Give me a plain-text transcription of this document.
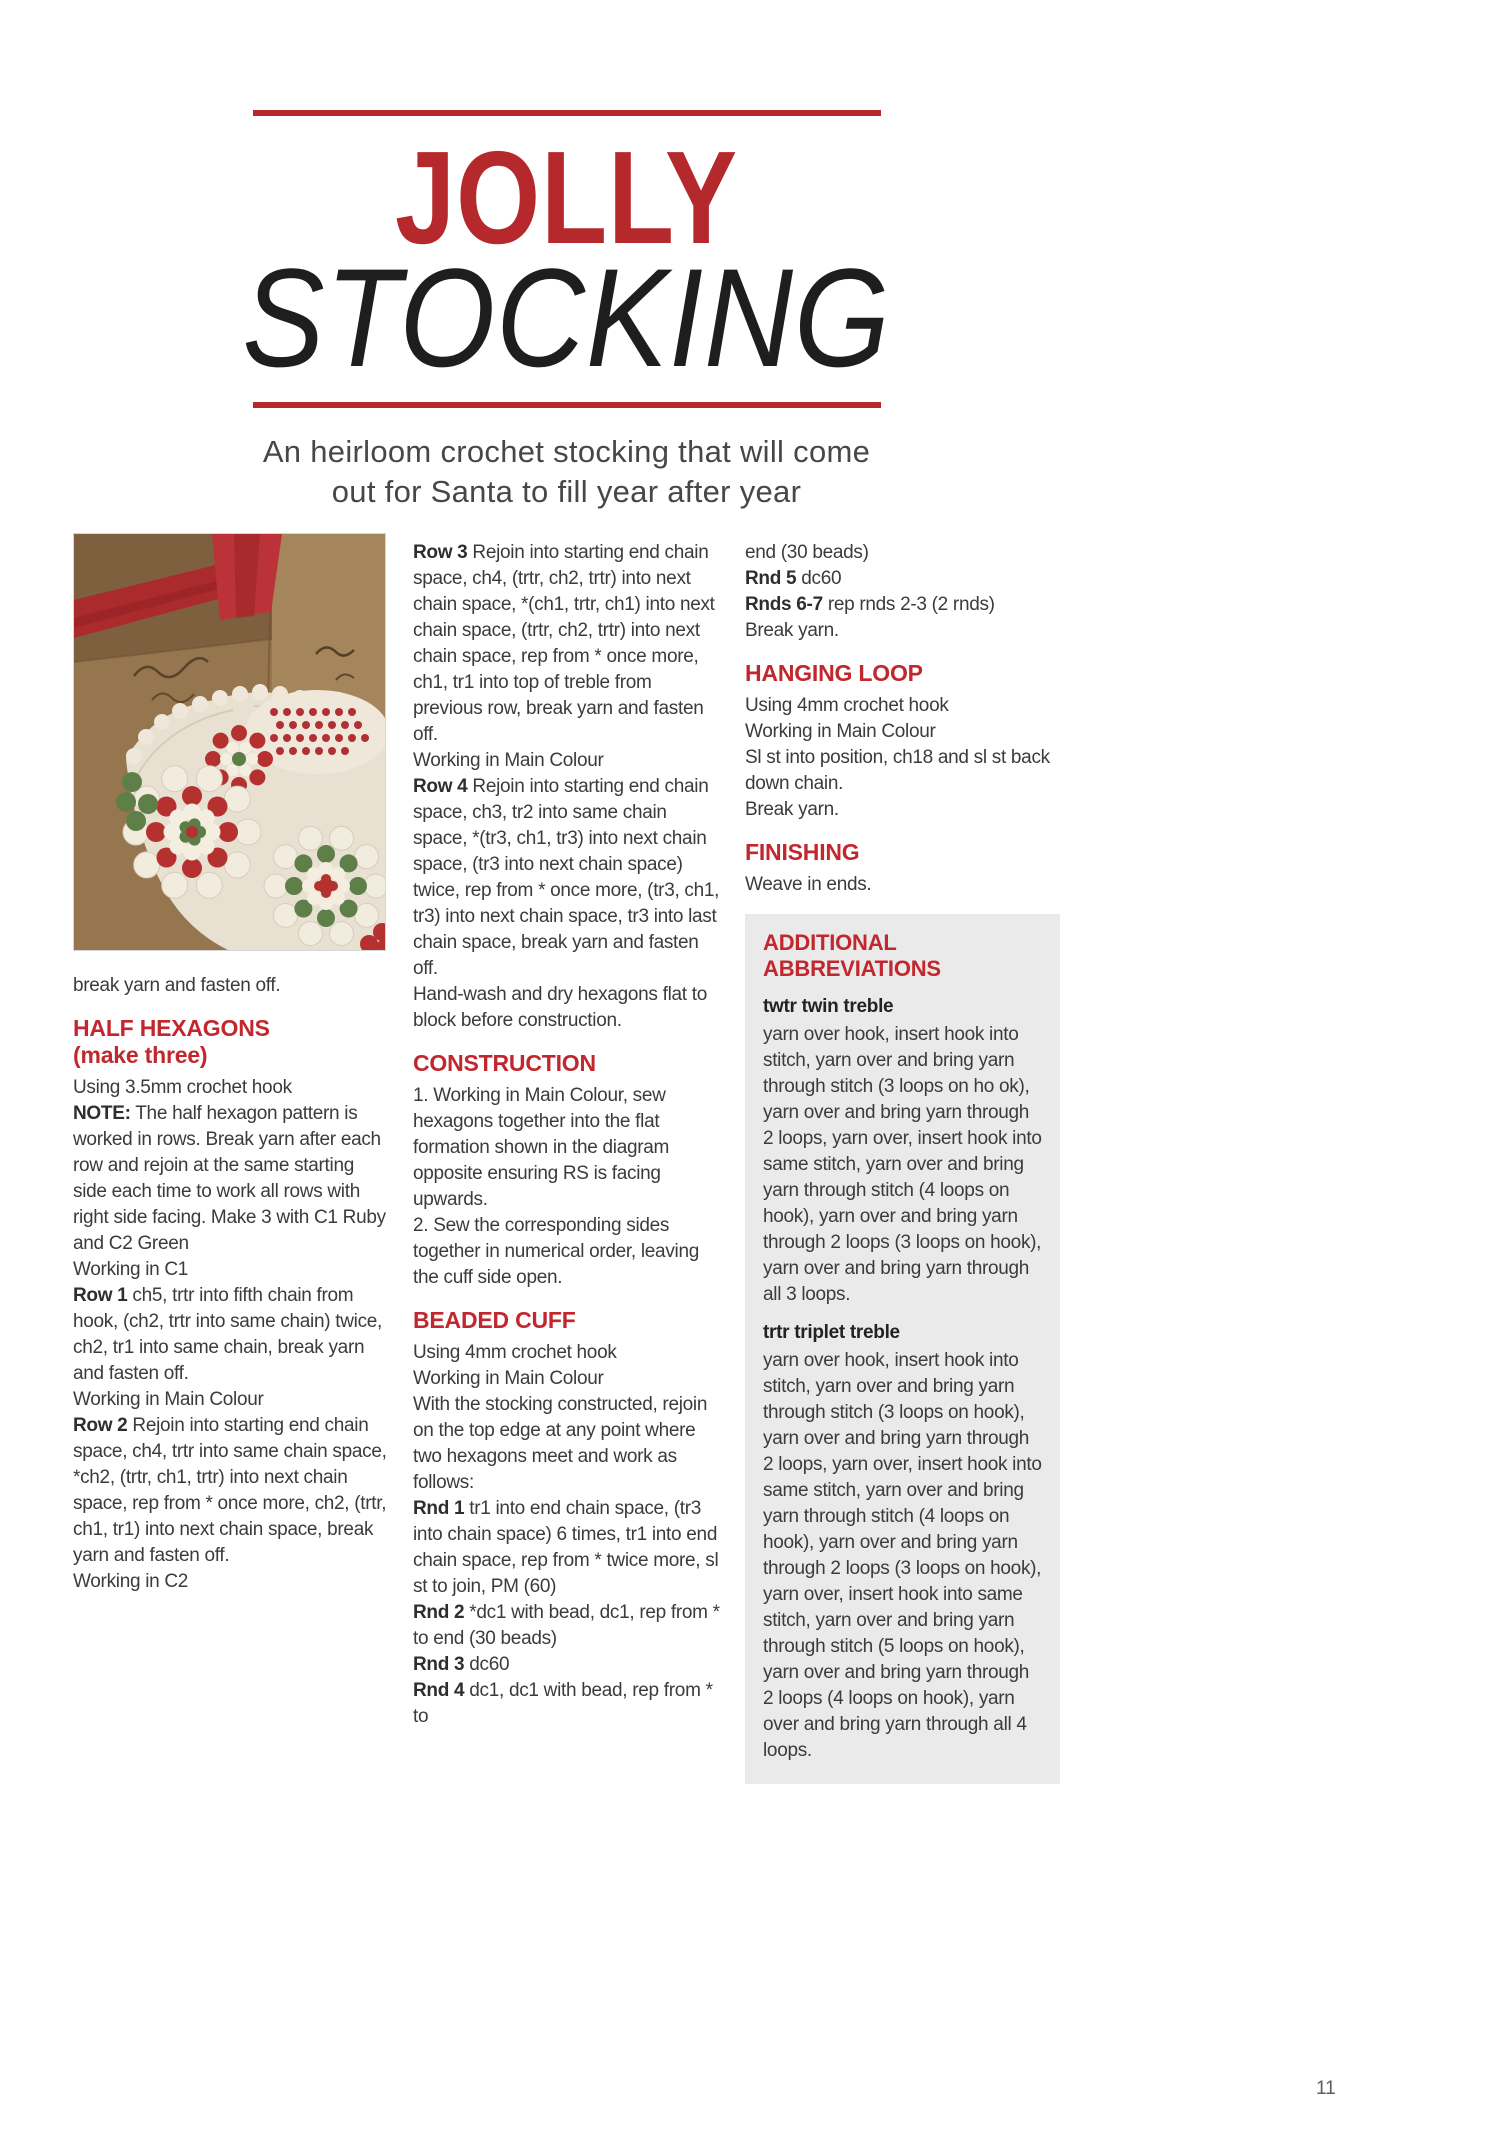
JOLLY
STOCKING
An heirloom crochet stocking that will come
out for Santa to fill year after year

break yarn and fasten off.

HALF HEXAGONS
(make three)

Using 3.5mm crochet hook

NOTE: The half hexagon pattern is worked in rows. Break yarn after each row and rejoin at the same starting side each time to work all rows with right side facing. Make 3 with C1 Ruby and C2 Green

Working in C1

Row 1 ch5, trtr into fifth chain from hook, (ch2, trtr into same chain) twice, ch2, tr1 into same chain, break yarn and fasten off.

Working in Main Colour

Row 2 Rejoin into starting end chain space, ch4, trtr into same chain space, *ch2, (trtr, ch1, trtr) into next chain space, rep from * once more, ch2, (trtr, ch1, tr1) into next chain space, break yarn and fasten off.

Working in C2

Row 3 Rejoin into starting end chain space, ch4, (trtr, ch2, trtr) into next chain space, *(ch1, trtr, ch1) into next chain space, (trtr, ch2, trtr) into next chain space, rep from * once more, ch1, tr1 into top of treble from previous row, break yarn and fasten off.

Working in Main Colour

Row 4 Rejoin into starting end chain space, ch3, tr2 into same chain space, *(tr3, ch1, tr3) into next chain space, (tr3 into next chain space) twice, rep from * once more, (tr3, ch1, tr3) into next chain space, tr3 into last chain space, break yarn and fasten off.

Hand-wash and dry hexagons flat to block before construction.

CONSTRUCTION

1. Working in Main Colour, sew hexagons together into the flat formation shown in the diagram opposite ensuring RS is facing upwards.

2. Sew the corresponding sides together in numerical order, leaving the cuff side open.

BEADED CUFF

Using 4mm crochet hook

Working in Main Colour

With the stocking constructed, rejoin on the top edge at any point where two hexagons meet and work as follows:

Rnd 1 tr1 into end chain space, (tr3 into chain space) 6 times, tr1 into end chain space, rep from * twice more, sl st to join, PM (60)

Rnd 2 *dc1 with bead, dc1, rep from * to end (30 beads)

Rnd 3 dc60

Rnd 4 dc1, dc1 with bead, rep from * to

end (30 beads)

Rnd 5 dc60

Rnds 6-7 rep rnds 2-3 (2 rnds)

Break yarn.

HANGING LOOP

Using 4mm crochet hook

Working in Main Colour

Sl st into position, ch18 and sl st back down chain.

Break yarn.

FINISHING

Weave in ends.

ADDITIONAL ABBREVIATIONS

twtr twin treble

yarn over hook, insert hook into stitch, yarn over and bring yarn through stitch (3 loops on ho ok), yarn over and bring yarn through 2 loops, yarn over, insert hook into same stitch, yarn over and bring yarn through stitch (4 loops on hook), yarn over and bring yarn through 2 loops (3 loops on hook), yarn over and bring yarn through all 3 loops.

trtr triplet treble

yarn over hook, insert hook into stitch, yarn over and bring yarn through stitch (3 loops on hook), yarn over and bring yarn through 2 loops, yarn over, insert hook into same stitch, yarn over and bring yarn through stitch (4 loops on hook), yarn over and bring yarn through 2 loops (3 loops on hook), yarn over, insert hook into same stitch, yarn over and bring yarn through stitch (5 loops on hook), yarn over and bring yarn through 2 loops (4 loops on hook), yarn over and bring yarn through all 4 loops.

11
